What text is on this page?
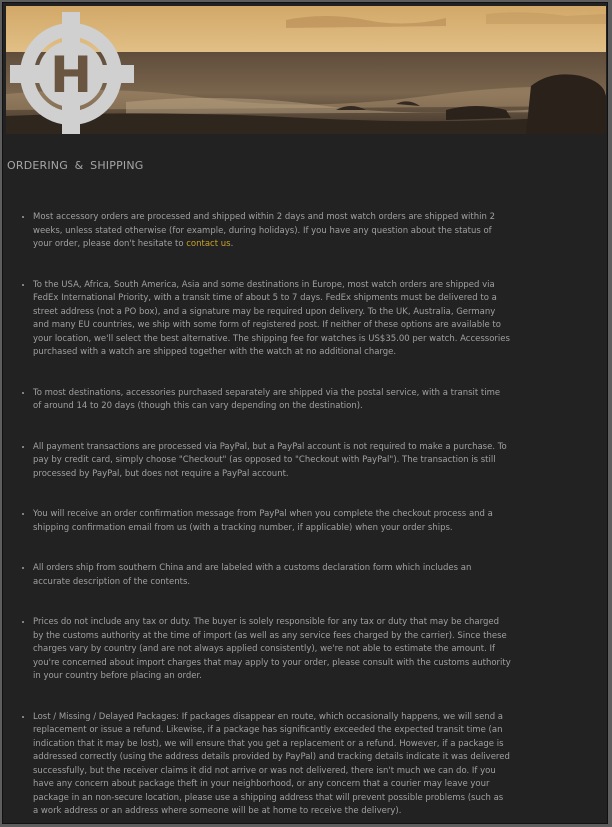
H
ORDERING & SHIPPING
• Most accessory orders are processed and shipped within 2 days and most watch orders are shipped within 2 weeks, unless stated otherwise (for example, during holidays). If you have any question about the status of your order, please don't hesitate to contact us.
• To the USA, Africa, South America, Asia and some destinations in Europe, most watch orders are shipped via FedEx International Priority, with a transit time of about 5 to 7 days. FedEx shipments must be delivered to a street address (not a PO box), and a signature may be required upon delivery. To the UK, Australia, Germany and many EU countries, we ship with some form of registered post. If neither of these options are available to your location, we'll select the best alternative. The shipping fee for watches is US$35.00 per watch. Accessories purchased with a watch are shipped together with the watch at no additional charge.
• To most destinations, accessories purchased separately are shipped via the postal service, with a transit time of around 14 to 20 days (though this can vary depending on the destination).
• All payment transactions are processed via PayPal, but a PayPal account is not required to make a purchase. To pay by credit card, simply choose "Checkout" (as opposed to "Checkout with PayPal"). The transaction is still processed by PayPal, but does not require a PayPal account.
• You will receive an order confirmation message from PayPal when you complete the checkout process and a shipping confirmation email from us (with a tracking number, if applicable) when your order ships.
• All orders ship from southern China and are labeled with a customs declaration form which includes an accurate description of the contents.
• Prices do not include any tax or duty. The buyer is solely responsible for any tax or duty that may be charged by the customs authority at the time of import (as well as any service fees charged by the carrier). Since these charges vary by country (and are not always applied consistently), we're not able to estimate the amount. If you're concerned about import charges that may apply to your order, please consult with the customs authority in your country before placing an order.
• Lost / Missing / Delayed Packages: If packages disappear en route, which occasionally happens, we will send a replacement or issue a refund. Likewise, if a package has significantly exceeded the expected transit time (an indication that it may be lost), we will ensure that you get a replacement or a refund. However, if a package is addressed correctly (using the address details provided by PayPal) and tracking details indicate it was delivered successfully, but the receiver claims it did not arrive or was not delivered, there isn't much we can do. If you have any concern about package theft in your neighborhood, or any concern that a courier may leave your package in an non-secure location, please use a shipping address that will prevent possible problems (such as a work address or an address where someone will be at home to receive the delivery).
